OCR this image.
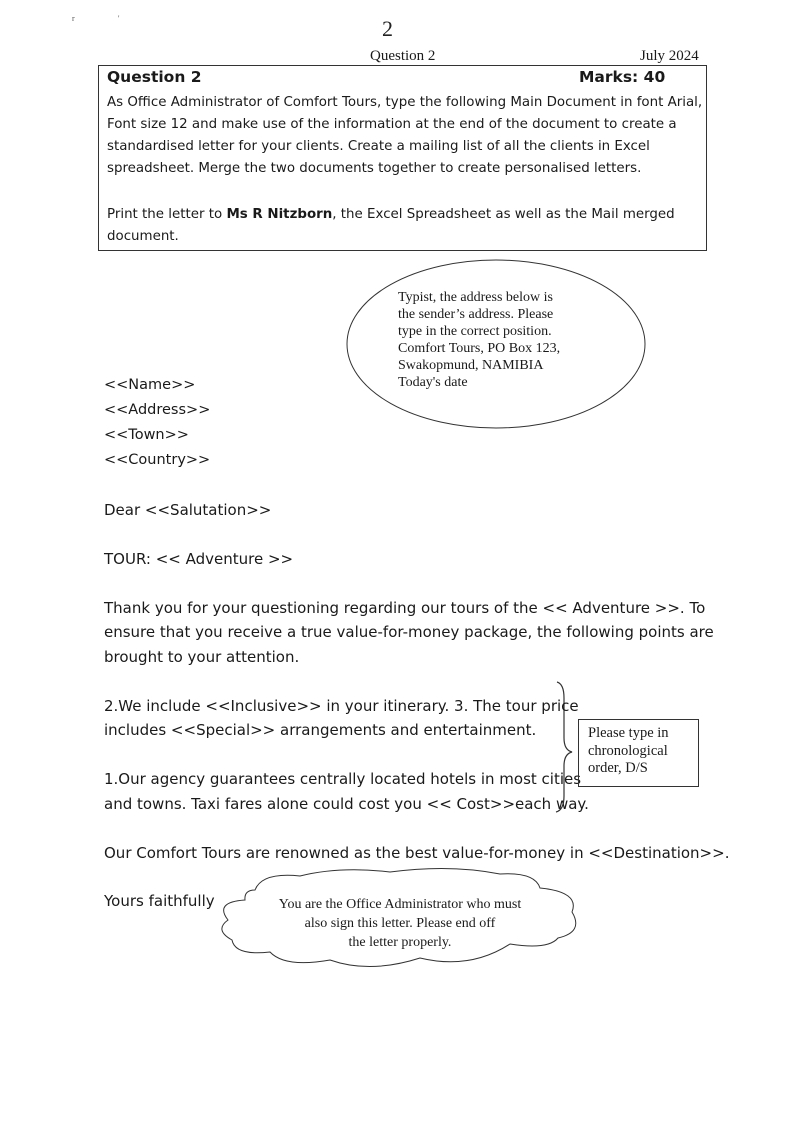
r	'	2
Question 2	July 2024
Question 2	Marks: 40
As Office Administrator of Comfort Tours, type the following Main Document in font Arial,
Font size 12 and make use of the information at the end of the document to create a
standardised letter for your clients. Create a mailing list of all the clients in Excel
spreadsheet. Merge the two documents together to create personalised letters.
Print the letter to Ms R Nitzborn, the Excel Spreadsheet as well as the Mail merged
document.
Typist, the address below is
the sender’s address. Please
type in the correct position.
Comfort Tours, PO Box 123,
Swakopmund, NAMIBIA
Today's date
<<Name>>
<<Address>>
<<Town>>
<<Country>>
Dear <<Salutation>>
TOUR: << Adventure >>
Thank you for your questioning regarding our tours of the << Adventure >>. To
ensure that you receive a true value-for-money package, the following points are
brought to your attention.
2.We include <<Inclusive>> in your itinerary. 3. The tour price
includes <<Special>> arrangements and entertainment.
1.Our agency guarantees centrally located hotels in most cities
and towns. Taxi fares alone could cost you << Cost>>each way.
Our Comfort Tours are renowned as the best value-for-money in <<Destination>>.
Yours faithfully
Please type in
chronological
order, D/S
You are the Office Administrator who must
also sign this letter. Please end off
the letter properly.
